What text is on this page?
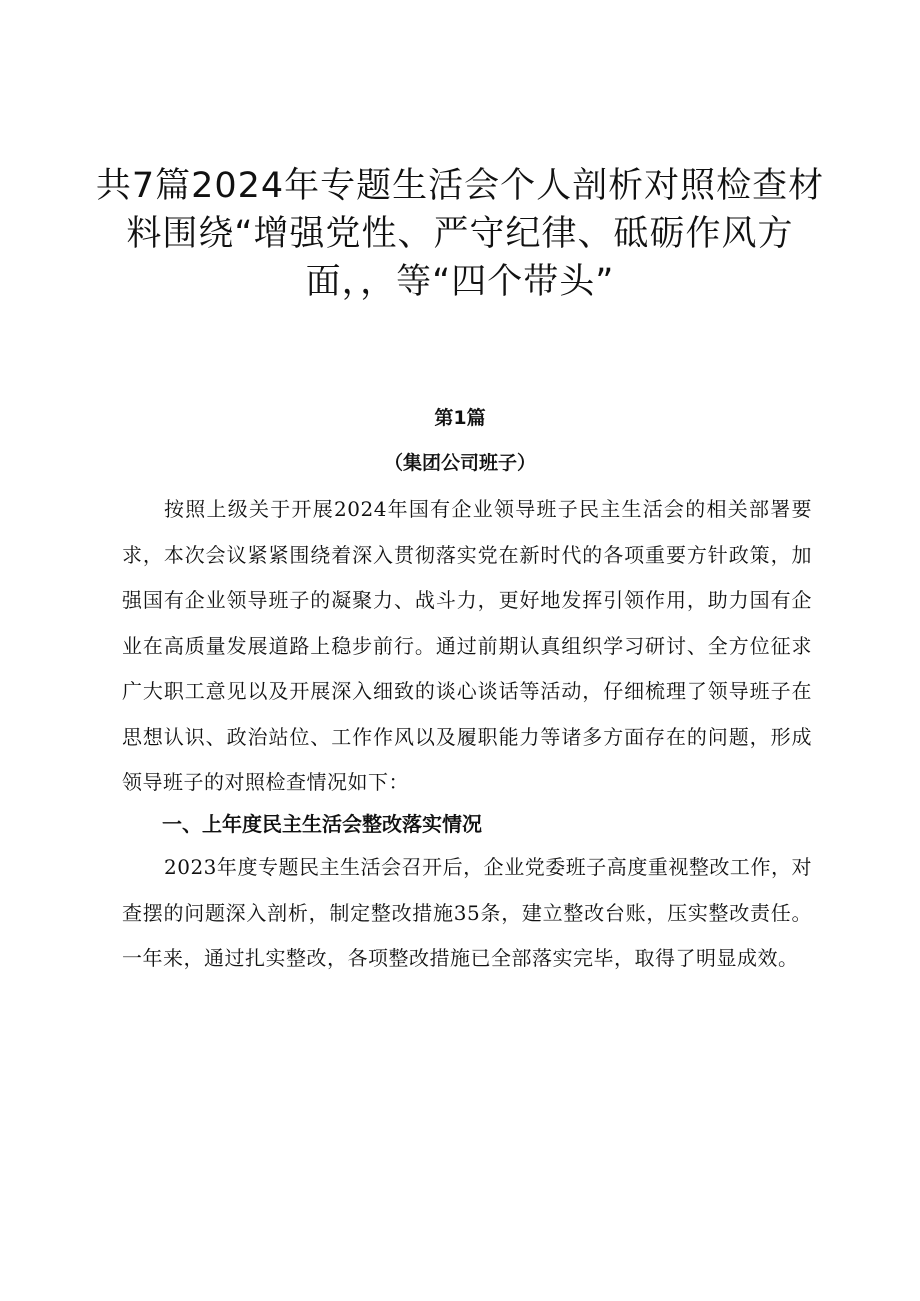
共7篇2024年专题生活会个人剖析对照检查材料围绕“增强党性、严守纪律、砥砺作风方面，，等“四个带头”
第1篇
（集团公司班子）

按照上级关于开展2024年国有企业领导班子民主生活会的相关部署要求，本次会议紧紧围绕着深入贯彻落实党在新时代的各项重要方针政策，加强国有企业领导班子的凝聚力、战斗力，更好地发挥引领作用，助力国有企业在高质量发展道路上稳步前行。通过前期认真组织学习研讨、全方位征求广大职工意见以及开展深入细致的谈心谈话等活动，仔细梳理了领导班子在思想认识、政治站位、工作作风以及履职能力等诸多方面存在的问题，形成领导班子的对照检查情况如下：

一、上年度民主生活会整改落实情况

2023年度专题民主生活会召开后，企业党委班子高度重视整改工作，对查摆的问题深入剖析，制定整改措施35条，建立整改台账，压实整改责任。一年来，通过扎实整改，各项整改措施已全部落实完毕，取得了明显成效。
